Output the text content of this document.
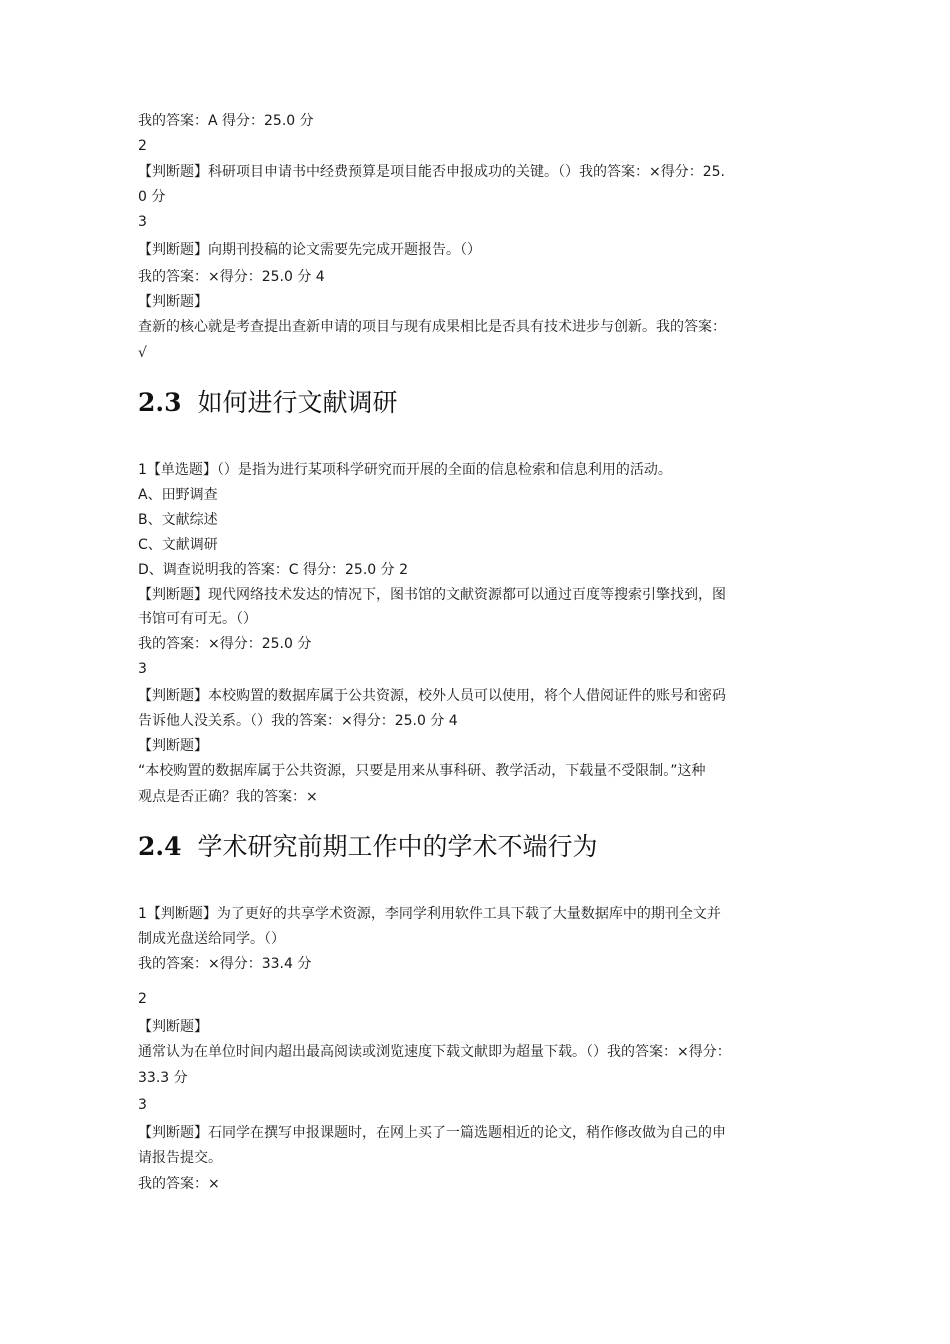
我的答案：A 得分：25.0 分
2
【判断题】科研项目申请书中经费预算是项目能否申报成功的关键。（）我的答案：×得分：25.
0 分
3
【判断题】向期刊投稿的论文需要先完成开题报告。（）
我的答案：×得分：25.0 分 4
【判断题】
查新的核心就是考查提出查新申请的项目与现有成果相比是否具有技术进步与创新。我的答案：
√
2.3 如何进行文献调研
1【单选题】（）是指为进行某项科学研究而开展的全面的信息检索和信息利用的活动。
A、田野调查
B、文献综述
C、文献调研
D、调查说明我的答案：C 得分：25.0 分 2
【判断题】现代网络技术发达的情况下，图书馆的文献资源都可以通过百度等搜索引擎找到，图
书馆可有可无。（）
我的答案：×得分：25.0 分
3
【判断题】本校购置的数据库属于公共资源，校外人员可以使用，将个人借阅证件的账号和密码
告诉他人没关系。（）我的答案：×得分：25.0 分 4
【判断题】
“本校购置的数据库属于公共资源，只要是用来从事科研、教学活动，下载量不受限制。”这种
观点是否正确？我的答案：×
2.4 学术研究前期工作中的学术不端行为
1【判断题】为了更好的共享学术资源，李同学利用软件工具下载了大量数据库中的期刊全文并
制成光盘送给同学。（）
我的答案：×得分：33.4 分
2
【判断题】
通常认为在单位时间内超出最高阅读或浏览速度下载文献即为超量下载。（）我的答案：×得分：
33.3 分
3
【判断题】石同学在撰写申报课题时，在网上买了一篇选题相近的论文，稍作修改做为自己的申
请报告提交。
我的答案：×
